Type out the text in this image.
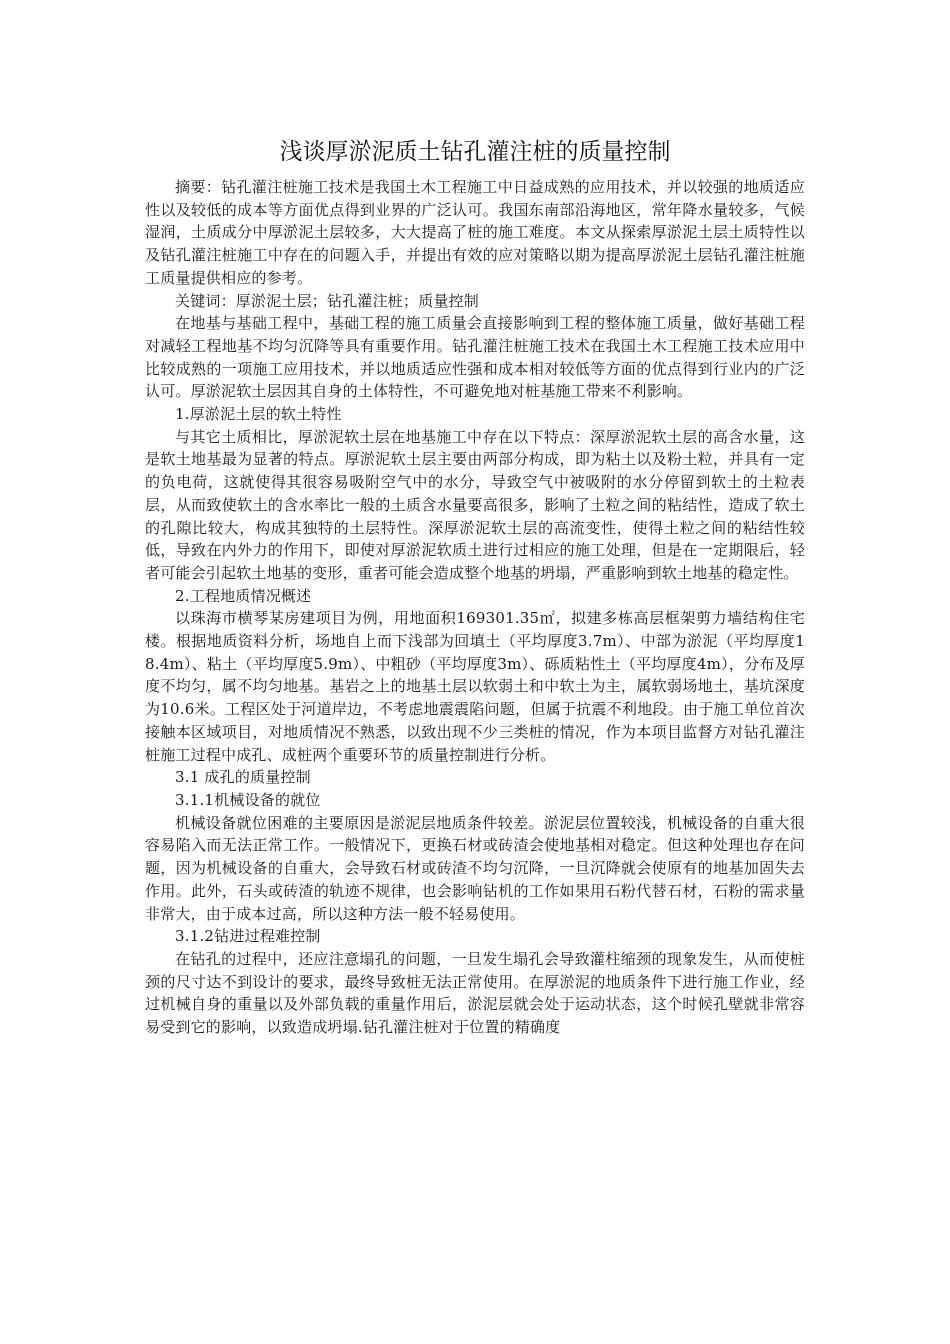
浅谈厚淤泥质土钻孔灌注桩的质量控制

摘要：钻孔灌注桩施工技术是我国土木工程施工中日益成熟的应用技术，并以较强的地质适应性以及较低的成本等方面优点得到业界的广泛认可。我国东南部沿海地区，常年降水量较多，气候湿润，土质成分中厚淤泥土层较多，大大提高了桩的施工难度。本文从探索厚淤泥土层土质特性以及钻孔灌注桩施工中存在的问题入手，并提出有效的应对策略以期为提高厚淤泥土层钻孔灌注桩施工质量提供相应的参考。

关键词：厚淤泥土层；钻孔灌注桩；质量控制

在地基与基础工程中，基础工程的施工质量会直接影响到工程的整体施工质量，做好基础工程对减轻工程地基不均匀沉降等具有重要作用。钻孔灌注桩施工技术在我国土木工程施工技术应用中比较成熟的一项施工应用技术，并以地质适应性强和成本相对较低等方面的优点得到行业内的广泛认可。厚淤泥软土层因其自身的土体特性，不可避免地对桩基施工带来不利影响。

1.厚淤泥土层的软土特性

与其它土质相比，厚淤泥软土层在地基施工中存在以下特点：深厚淤泥软土层的高含水量，这是软土地基最为显著的特点。厚淤泥软土层主要由两部分构成，即为粘土以及粉土粒，并具有一定的负电荷，这就使得其很容易吸附空气中的水分，导致空气中被吸附的水分停留到软土的土粒表层，从而致使软土的含水率比一般的土质含水量要高很多，影响了土粒之间的粘结性，造成了软土的孔隙比较大，构成其独特的土层特性。深厚淤泥软土层的高流变性，使得土粒之间的粘结性较低，导致在内外力的作用下，即使对厚淤泥软质土进行过相应的施工处理，但是在一定期限后，轻者可能会引起软土地基的变形，重者可能会造成整个地基的坍塌，严重影响到软土地基的稳定性。

2.工程地质情况概述

以珠海市横琴某房建项目为例，用地面积169301.35㎡，拟建多栋高层框架剪力墙结构住宅楼。根据地质资料分析，场地自上而下浅部为回填土（平均厚度3.7m）、中部为淤泥（平均厚度18.4m）、粘土（平均厚度5.9m）、中粗砂（平均厚度3m）、砾质粘性土（平均厚度4m），分布及厚度不均匀，属不均匀地基。基岩之上的地基土层以软弱土和中软土为主，属软弱场地土，基坑深度为10.6米。工程区处于河道岸边，不考虑地震震陷问题，但属于抗震不利地段。由于施工单位首次接触本区域项目，对地质情况不熟悉，以致出现不少三类桩的情况，作为本项目监督方对钻孔灌注桩施工过程中成孔、成桩两个重要环节的质量控制进行分析。

3.1 成孔的质量控制

3.1.1机械设备的就位

机械设备就位困难的主要原因是淤泥层地质条件较差。淤泥层位置较浅，机械设备的自重大很容易陷入而无法正常工作。一般情况下，更换石材或砖渣会使地基相对稳定。但这种处理也存在问题，因为机械设备的自重大，会导致石材或砖渣不均匀沉降，一旦沉降就会使原有的地基加固失去作用。此外，石头或砖渣的轨迹不规律，也会影响钻机的工作如果用石粉代替石材，石粉的需求量非常大，由于成本过高，所以这种方法一般不轻易使用。

3.1.2钻进过程难控制

在钻孔的过程中，还应注意塌孔的问题，一旦发生塌孔会导致灌柱缩颈的现象发生，从而使桩颈的尺寸达不到设计的要求，最终导致桩无法正常使用。在厚淤泥的地质条件下进行施工作业，经过机械自身的重量以及外部负载的重量作用后，淤泥层就会处于运动状态，这个时候孔壁就非常容易受到它的影响，以致造成坍塌.钻孔灌注桩对于位置的精确度
